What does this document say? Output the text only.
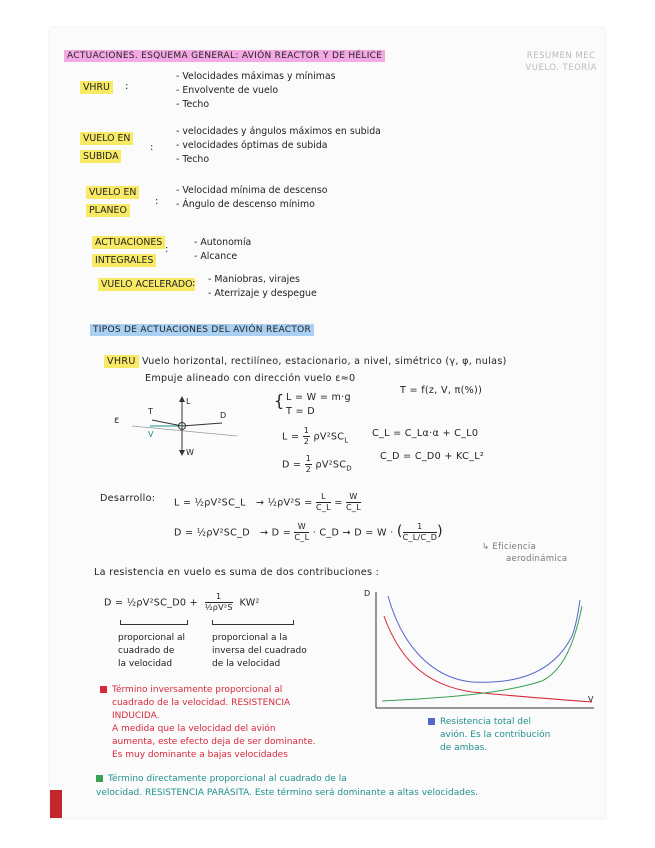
ACTUACIONES. ESQUEMA GENERAL: AVIÓN REACTOR Y DE HÉLICE	RESUMEN MEC
VUELO. TEORÍA
VHRU	:
- Velocidades máximas y mínimas
- Envolvente de vuelo
- Techo
VUELO EN
SUBIDA
:
- velocidades y ángulos máximos en subida
- velocidades óptimas de subida
- Techo
VUELO EN
PLANEO
:
- Velocidad mínima de descenso
- Ángulo de descenso mínimo
ACTUACIONES
INTEGRALES
:
- Autonomía
- Alcance
VUELO ACELERADO : - Maniobras, virajes
- Aterrizaje y despegue
TIPOS DE ACTUACIONES DEL AVIÓN REACTOR
VHRU Vuelo horizontal, rectilíneo, estacionario, a nivel, simétrico (γ, φ, nulas)
Empuje alineado con dirección vuelo ε≈0
ε
T
L
D
W
V
{ L = W = m·g
T = D
T = f(z, V, π(%))
$L = \frac{1}{2} \rho V^2SC_L$
C_L = C_Lα·α + C_L0
$D = \frac{1}{2} \rho V^2SC_D$
C_D = C_D0 + KC_L²
Desarrollo: L = ½ρV²SC_L → ½ρV²S = $\frac{L}{C\_L} = \frac{W}{C\_L}$
D = ½ρV²SC_D → $D = \frac{W}{C\_L}$ · C_D → D = W · ( $\frac{1}{C\_L/C\_D}$ )
↳ Eficiencia
aerodinámica
La resistencia en vuelo es suma de dos contribuciones :
D = ½ρV²SC_D0 + $\frac{1}{\text{½ρV²S}} KW^2$
proporcional al
cuadrado de
la velocidad
proporcional a la
inversa del cuadrado
de la velocidad
D
V
Término inversamente proporcional al
cuadrado de la velocidad. RESISTENCIA
INDUCIDA.
A medida que la velocidad del avión
aumenta, este efecto deja de ser dominante.
Es muy dominante a bajas velocidades
Resistencia total del
avión. Es la contribución
de ambas.
Término directamente proporcional al cuadrado de la
velocidad. RESISTENCIA PARÁSITA. Este término será dominante a altas velocidades.
